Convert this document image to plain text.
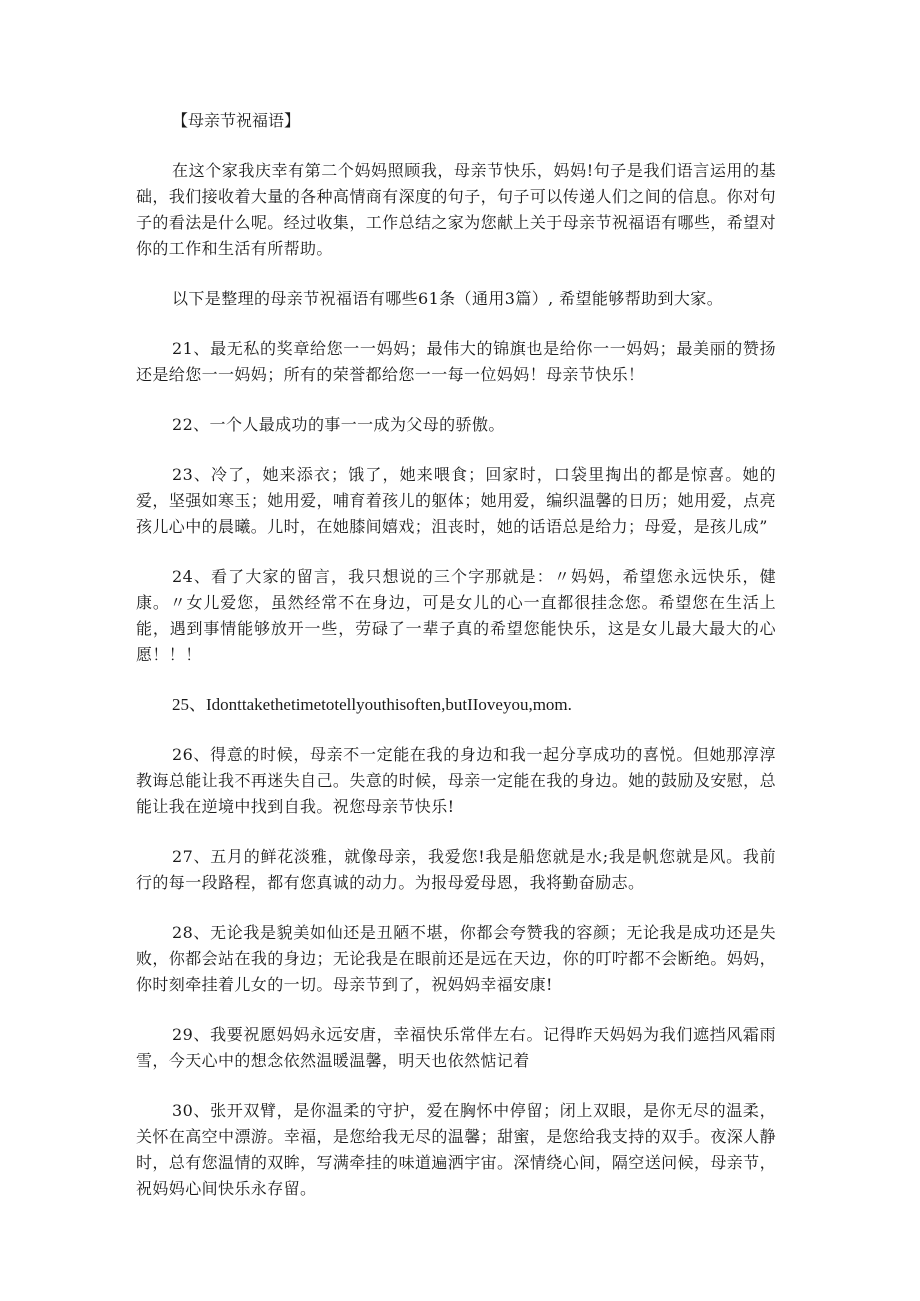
【母亲节祝福语】

在这个家我庆幸有第二个妈妈照顾我，母亲节快乐，妈妈!句子是我们语言运用的基础，我们接收着大量的各种高情商有深度的句子，句子可以传递人们之间的信息。你对句子的看法是什么呢。经过收集，工作总结之家为您献上关于母亲节祝福语有哪些，希望对你的工作和生活有所帮助。

以下是整理的母亲节祝福语有哪些61条（通用3篇）, 希望能够帮助到大家。

21、最无私的奖章给您一一妈妈；最伟大的锦旗也是给你一一妈妈；最美丽的赞扬还是给您一一妈妈；所有的荣誉都给您一一每一位妈妈！母亲节快乐！

22、一个人最成功的事一一成为父母的骄傲。

23、冷了，她来添衣；饿了，她来喂食；回家时，口袋里掏出的都是惊喜。她的爱，坚强如寒玉；她用爱，哺育着孩儿的躯体；她用爱，编织温馨的日历；她用爱，点亮孩儿心中的晨曦。儿时，在她膝间嬉戏；沮丧时，她的话语总是给力；母爱，是孩儿成”

24、看了大家的留言，我只想说的三个字那就是：〃妈妈，希望您永远快乐，健康。〃女儿爱您，虽然经常不在身边，可是女儿的心一直都很挂念您。希望您在生活上能，遇到事情能够放开一些，劳碌了一辈子真的希望您能快乐，这是女儿最大最大的心愿！！！

25、Idonttakethetimetotellyouthisoften,butIIoveyou,mom.

26、得意的时候，母亲不一定能在我的身边和我一起分享成功的喜悦。但她那淳淳教诲总能让我不再迷失自己。失意的时候，母亲一定能在我的身边。她的鼓励及安慰，总能让我在逆境中找到自我。祝您母亲节快乐!

27、五月的鲜花淡雅，就像母亲，我爱您!我是船您就是水;我是帆您就是风。我前行的每一段路程，都有您真诚的动力。为报母爱母恩，我将勤奋励志。

28、无论我是貌美如仙还是丑陋不堪，你都会夸赞我的容颜；无论我是成功还是失败，你都会站在我的身边；无论我是在眼前还是远在天边，你的叮咛都不会断绝。妈妈，你时刻牵挂着儿女的一切。母亲节到了，祝妈妈幸福安康!

29、我要祝愿妈妈永远安唐，幸福快乐常伴左右。记得昨天妈妈为我们遮挡风霜雨雪，今天心中的想念依然温暖温馨，明天也依然惦记着

30、张开双臂，是你温柔的守护，爱在胸怀中停留；闭上双眼，是你无尽的温柔，关怀在高空中漂游。幸福，是您给我无尽的温馨；甜蜜，是您给我支持的双手。夜深人静时，总有您温情的双眸，写满牵挂的味道遍洒宇宙。深情绕心间，隔空送问候，母亲节，祝妈妈心间快乐永存留。
